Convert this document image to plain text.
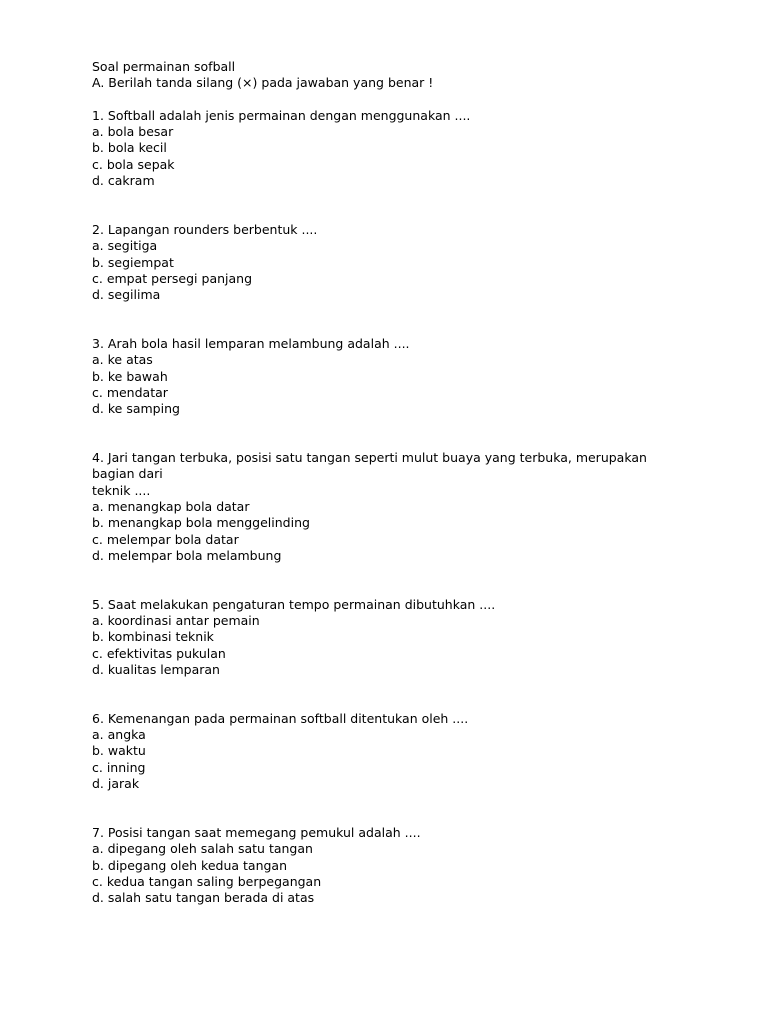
Soal permainan sofball

A. Berilah tanda silang (×) pada jawaban yang benar !

1. Softball adalah jenis permainan dengan menggunakan ....

a. bola besar
b. bola kecil
c. bola sepak
d. cakram

2. Lapangan rounders berbentuk ....

a. segitiga
b. segiempat
c. empat persegi panjang
d. segilima

3. Arah bola hasil lemparan melambung adalah ....

a. ke atas
b. ke bawah
c. mendatar
d. ke samping

4. Jari tangan terbuka, posisi satu tangan seperti mulut buaya yang terbuka, merupakan bagian dari

teknik ....

a. menangkap bola datar
b. menangkap bola menggelinding
c. melempar bola datar
d. melempar bola melambung

5. Saat melakukan pengaturan tempo permainan dibutuhkan ....

a. koordinasi antar pemain
b. kombinasi teknik
c. efektivitas pukulan
d. kualitas lemparan

6. Kemenangan pada permainan softball ditentukan oleh ....

a. angka
b. waktu
c. inning
d. jarak

7. Posisi tangan saat memegang pemukul adalah ....

a. dipegang oleh salah satu tangan
b. dipegang oleh kedua tangan
c. kedua tangan saling berpegangan
d. salah satu tangan berada di atas
